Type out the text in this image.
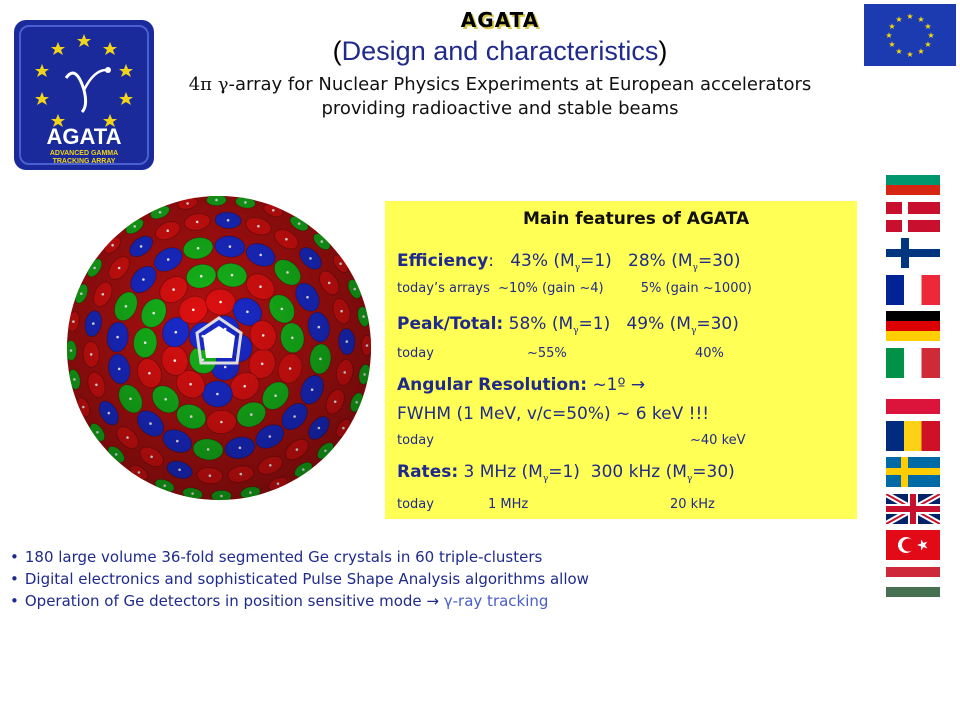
AGATA
ADVANCED GAMMA
TRACKING ARRAY
★ ★
★
★
★
★
★
★
★
★
★
★
AGATA
(Design and characteristics)
4π γ-array for Nuclear Physics Experiments at European accelerators
providing radioactive and stable beams
Main features of AGATA
Efficiency: 43% $(M_\gamma=1)$ 28% $(M_\gamma=30)$
today’s arrays  ~10% (gain ~4)         5% (gain ~1000)
Peak/Total: 58% $(M_\gamma=1)$ 49% $(M_\gamma=30)$
today	~55%	40%
Angular Resolution: ~1º →
FWHM (1 MeV, v/c=50%) ~ 6 keV !!!
today	~40 keV
Rates: 3 MHz $(M_\gamma=1)$ 300 kHz $(M_\gamma=30)$
today	1 MHz	20 kHz
• 180 large volume 36-fold segmented Ge crystals in 60 triple-clusters
• Digital electronics and sophisticated Pulse Shape Analysis algorithms allow
• Operation of Ge detectors in position sensitive mode → γ-ray tracking
